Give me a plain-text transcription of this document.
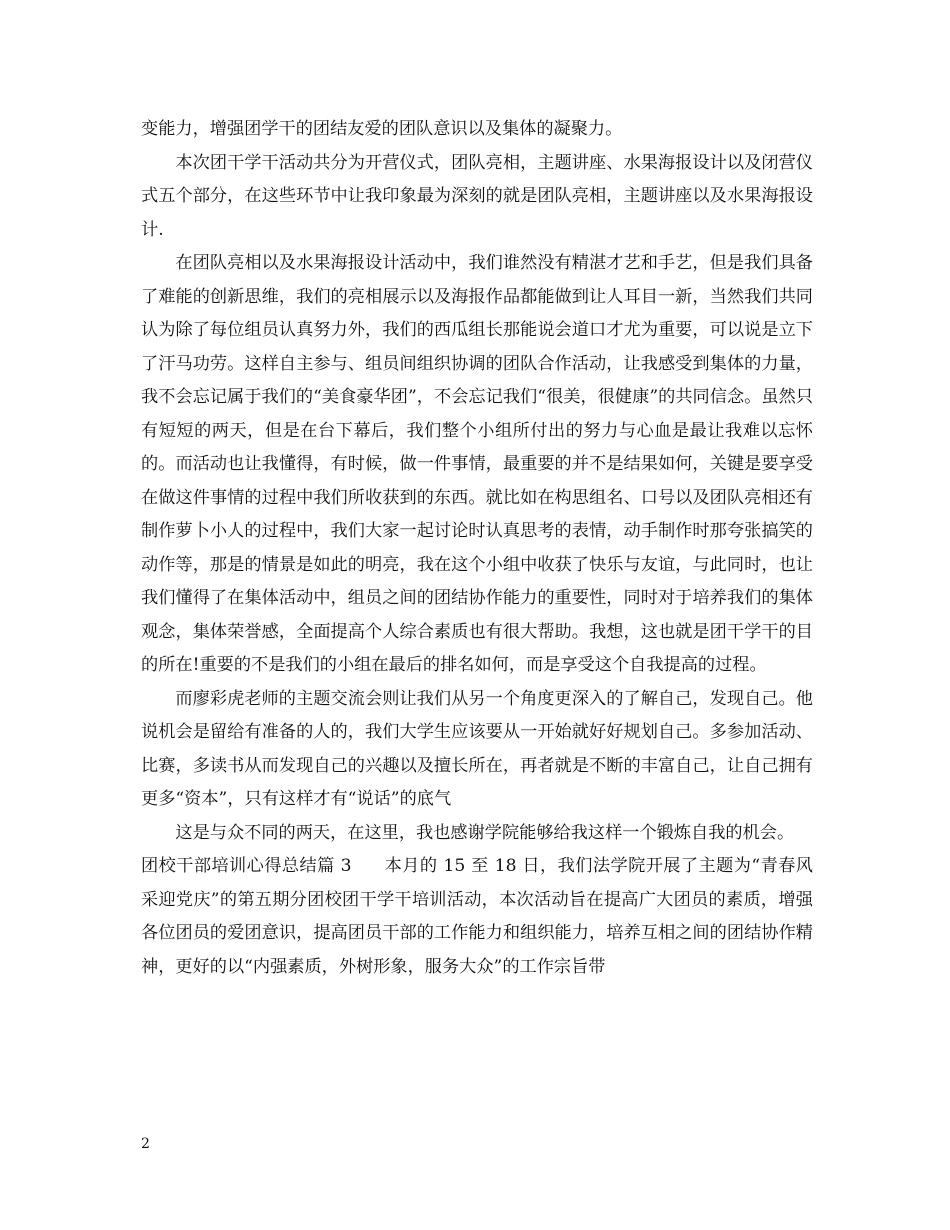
变能力，增强团学干的团结友爱的团队意识以及集体的凝聚力。

本次团干学干活动共分为开营仪式，团队亮相，主题讲座、水果海报设计以及闭营仪式五个部分，在这些环节中让我印象最为深刻的就是团队亮相，主题讲座以及水果海报设计.

在团队亮相以及水果海报设计活动中，我们谁然没有精湛才艺和手艺，但是我们具备了难能的创新思维，我们的亮相展示以及海报作品都能做到让人耳目一新，当然我们共同认为除了每位组员认真努力外，我们的西瓜组长那能说会道口才尤为重要，可以说是立下了汗马功劳。这样自主参与、组员间组织协调的团队合作活动，让我感受到集体的力量，我不会忘记属于我们的“美食豪华团”，不会忘记我们“很美，很健康”的共同信念。虽然只有短短的两天，但是在台下幕后，我们整个小组所付出的努力与心血是最让我难以忘怀的。而活动也让我懂得，有时候，做一件事情，最重要的并不是结果如何，关键是要享受在做这件事情的过程中我们所收获到的东西。就比如在构思组名、口号以及团队亮相还有制作萝卜小人的过程中，我们大家一起讨论时认真思考的表情，动手制作时那夸张搞笑的动作等，那是的情景是如此的明亮，我在这个小组中收获了快乐与友谊，与此同时，也让我们懂得了在集体活动中，组员之间的团结协作能力的重要性，同时对于培养我们的集体观念，集体荣誉感，全面提高个人综合素质也有很大帮助。我想，这也就是团干学干的目的所在!重要的不是我们的小组在最后的排名如何，而是享受这个自我提高的过程。

而廖彩虎老师的主题交流会则让我们从另一个角度更深入的了解自己，发现自己。他说机会是留给有准备的人的，我们大学生应该要从一开始就好好规划自己。多参加活动、比赛，多读书从而发现自己的兴趣以及擅长所在，再者就是不断的丰富自己，让自己拥有更多“资本”，只有这样才有“说话”的底气

这是与众不同的两天，在这里，我也感谢学院能够给我这样一个锻炼自我的机会。

团校干部培训心得总结篇 3 本月的 15 至 18 日，我们法学院开展了主题为“青春风采迎党庆”的第五期分团校团干学干培训活动，本次活动旨在提高广大团员的素质，增强各位团员的爱团意识，提高团员干部的工作能力和组织能力，培养互相之间的团结协作精神，更好的以“内强素质，外树形象，服务大众”的工作宗旨带

2
